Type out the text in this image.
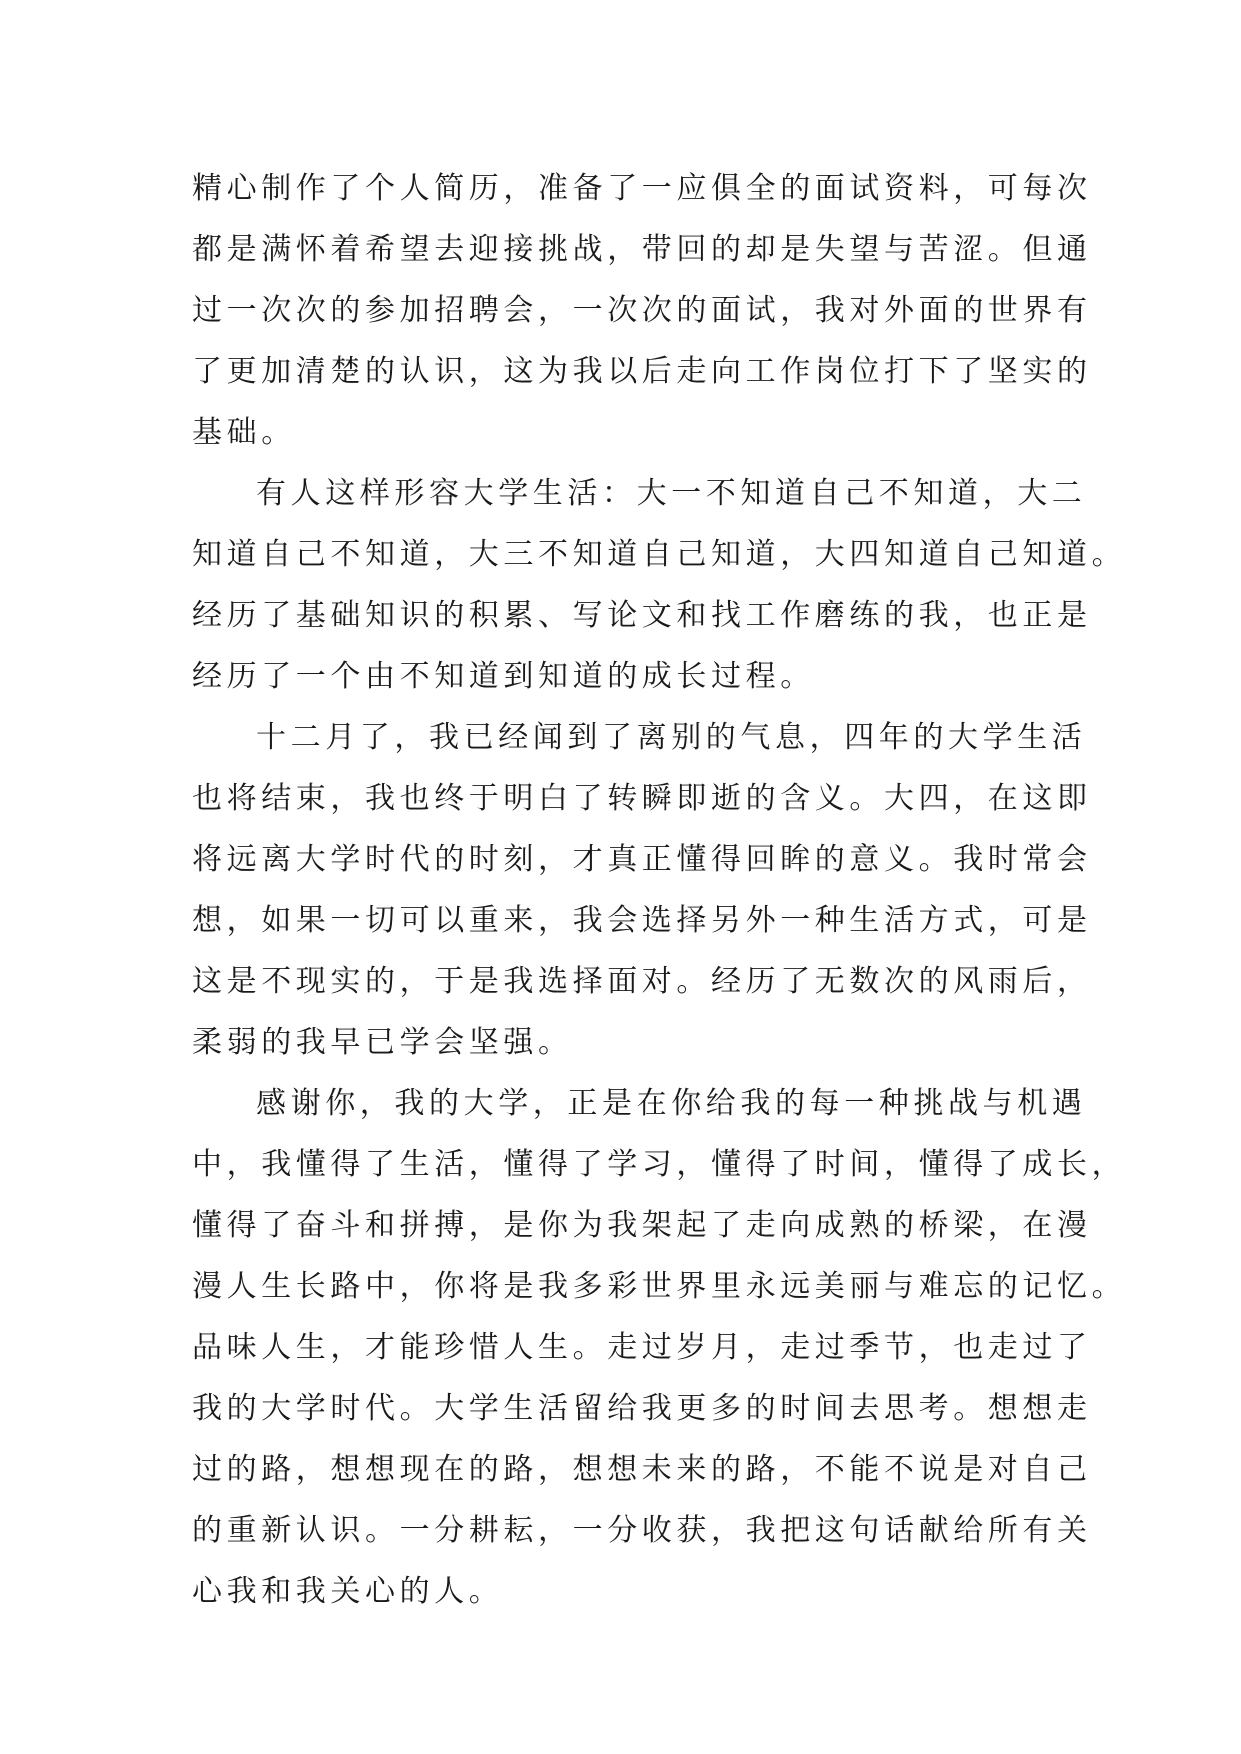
精心制作了个人简历，准备了一应俱全的面试资料，可每次
都是满怀着希望去迎接挑战，带回的却是失望与苦涩。但通
过一次次的参加招聘会，一次次的面试，我对外面的世界有
了更加清楚的认识，这为我以后走向工作岗位打下了坚实的
基础。
有人这样形容大学生活：大一不知道自己不知道，大二
知道自己不知道，大三不知道自己知道，大四知道自己知道。
经历了基础知识的积累、写论文和找工作磨练的我，也正是
经历了一个由不知道到知道的成长过程。
十二月了，我已经闻到了离别的气息，四年的大学生活
也将结束，我也终于明白了转瞬即逝的含义。大四，在这即
将远离大学时代的时刻，才真正懂得回眸的意义。我时常会
想，如果一切可以重来，我会选择另外一种生活方式，可是
这是不现实的，于是我选择面对。经历了无数次的风雨后，
柔弱的我早已学会坚强。
感谢你，我的大学，正是在你给我的每一种挑战与机遇
中，我懂得了生活，懂得了学习，懂得了时间，懂得了成长，
懂得了奋斗和拼搏，是你为我架起了走向成熟的桥梁，在漫
漫人生长路中，你将是我多彩世界里永远美丽与难忘的记忆。
品味人生，才能珍惜人生。走过岁月，走过季节，也走过了
我的大学时代。大学生活留给我更多的时间去思考。想想走
过的路，想想现在的路，想想未来的路，不能不说是对自己
的重新认识。一分耕耘，一分收获，我把这句话献给所有关
心我和我关心的人。
